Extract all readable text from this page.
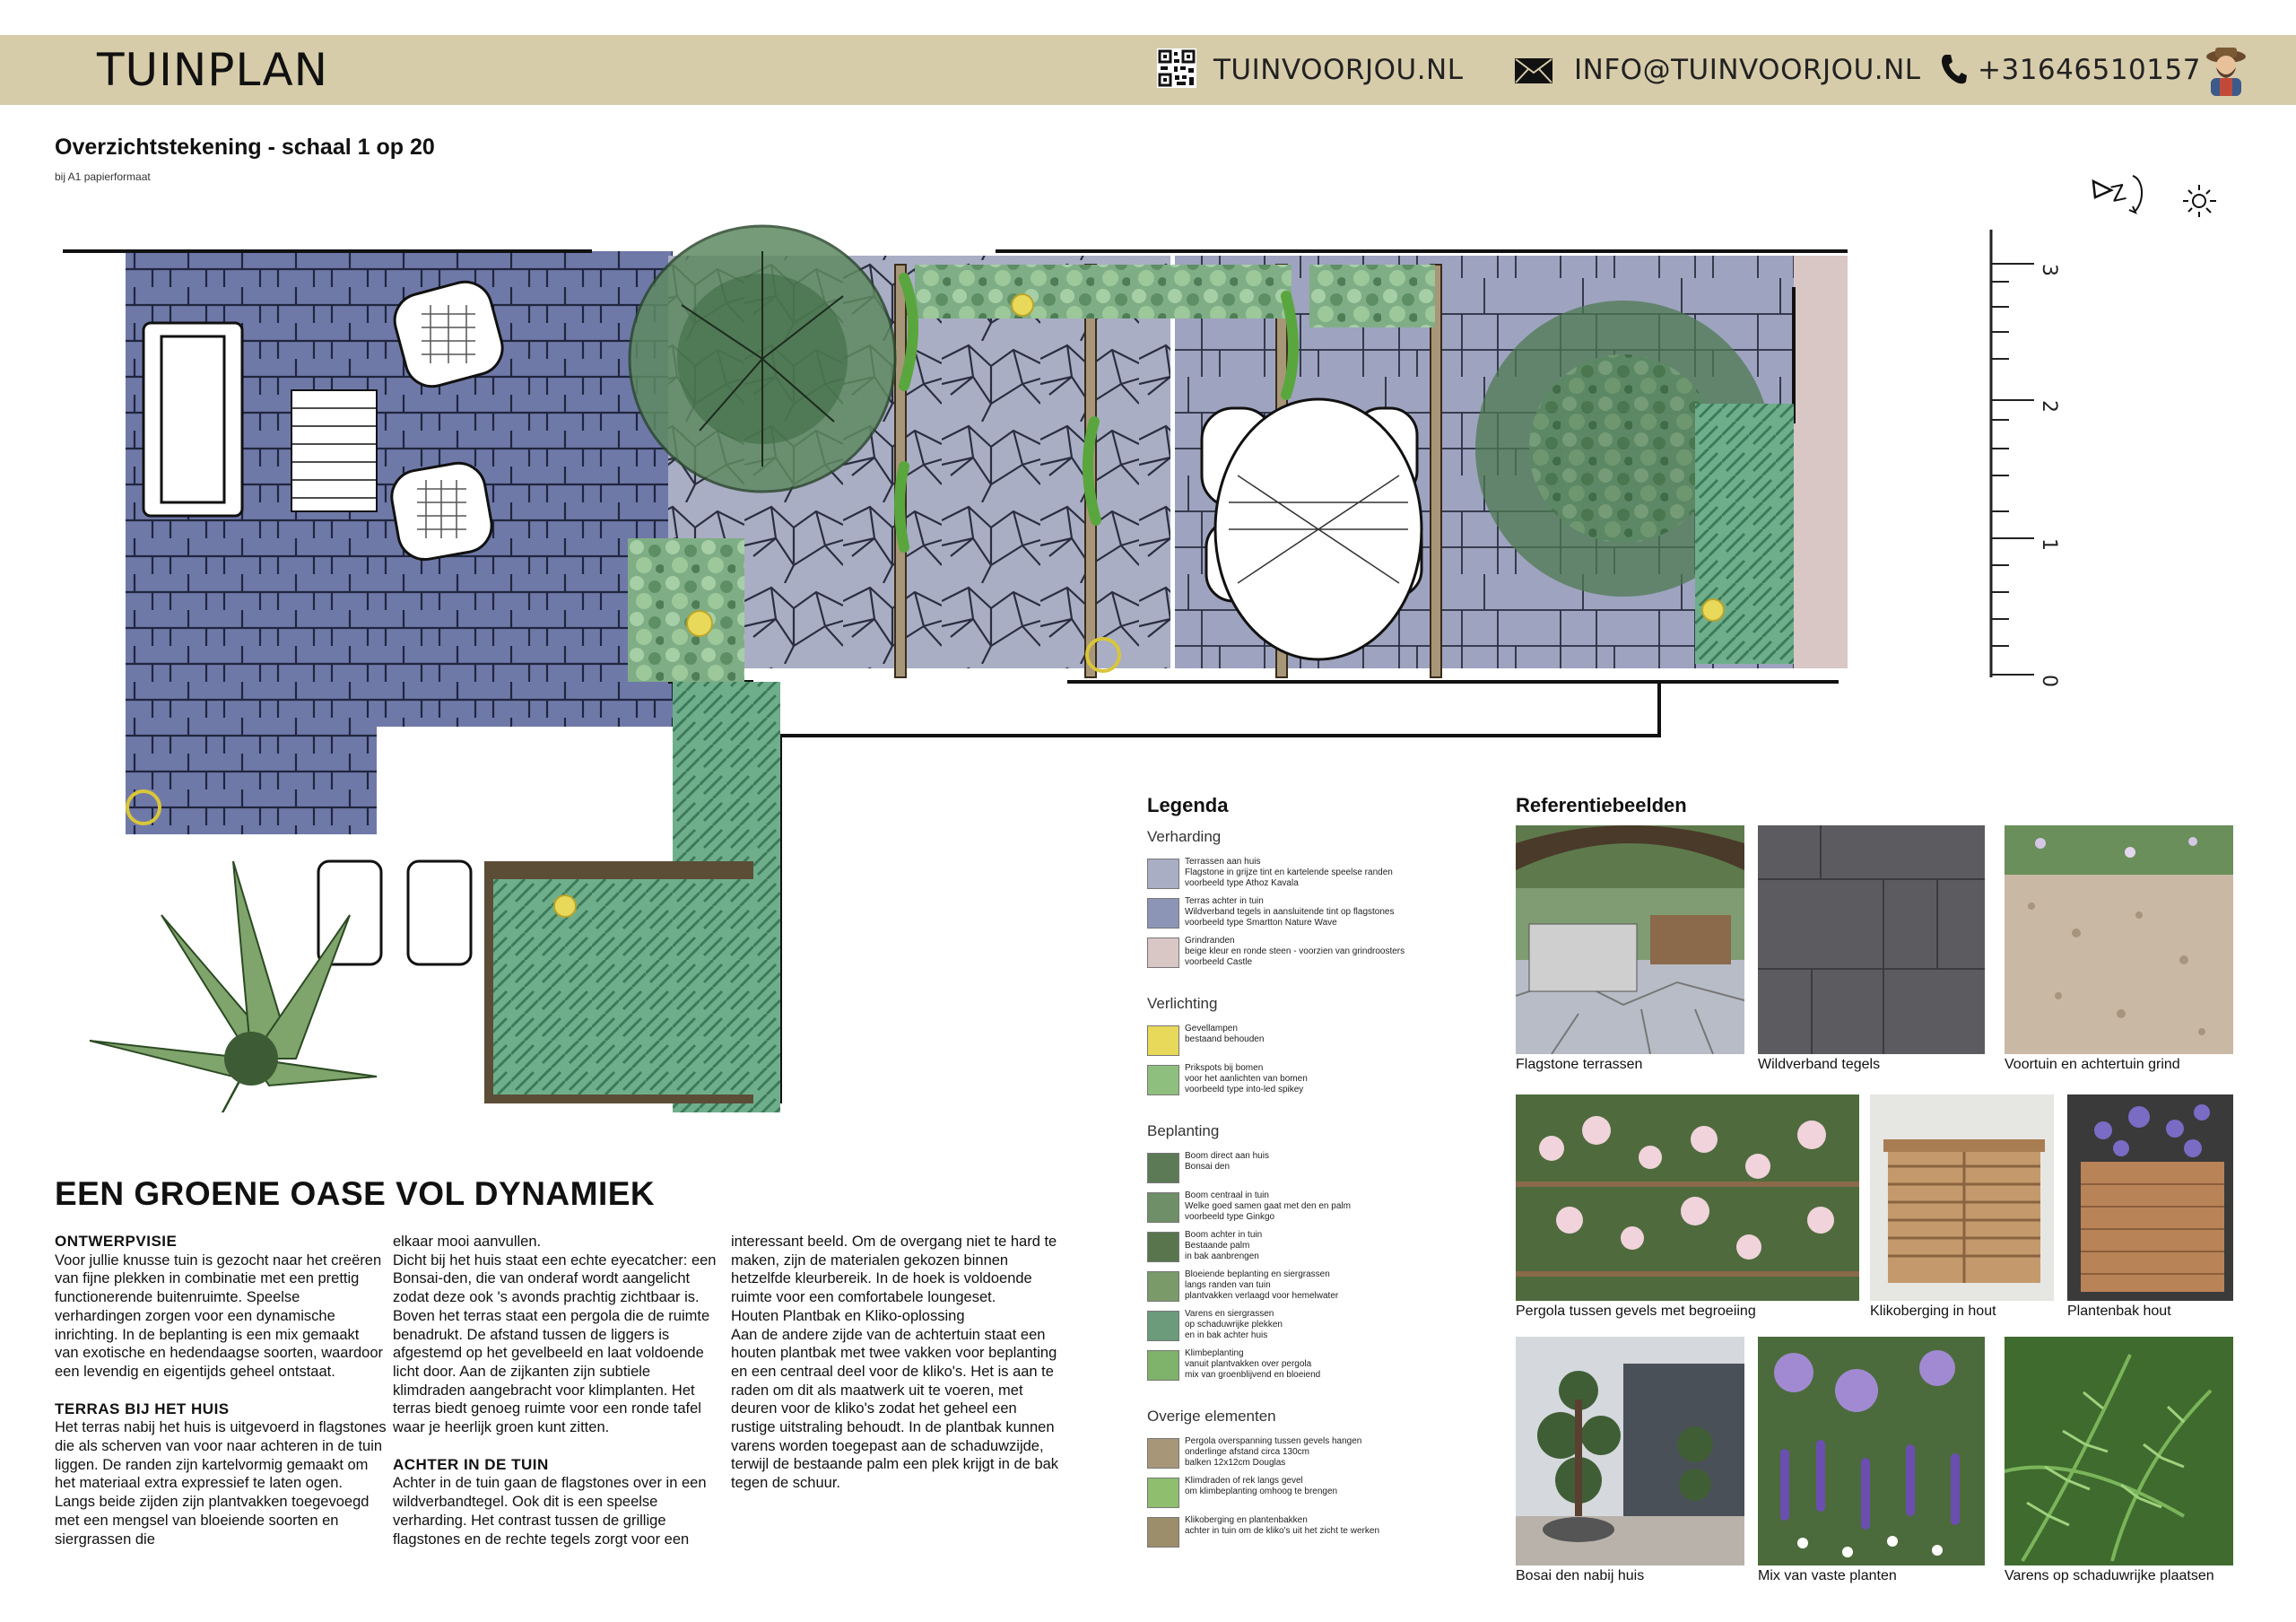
TUINPLAN	TUINVOORJOU.NL	INFO@TUINVOORJOU.NL +31646510157
Overzichtstekening - schaal 1 op 20
bij A1 papierformaat
Z
3
2
1
0
EEN GROENE OASE VOL DYNAMIEK
ONTWERPVISIE

Voor jullie knusse tuin is gezocht naar het creëren van fijne plekken in combinatie met een prettig functionerende buitenruimte. Speelse verhardingen zorgen voor een dynamische inrichting. In de beplanting is een mix gemaakt van exotische en hedendaagse soorten, waardoor een levendig en eigentijds geheel ontstaat.

TERRAS BIJ HET HUIS

Het terras nabij het huis is uitgevoerd in flagstones die als scherven van voor naar achteren in de tuin liggen. De randen zijn kartelvormig gemaakt om het materiaal extra expressief te laten ogen. Langs beide zijden zijn plantvakken toegevoegd met een mengsel van bloeiende soorten en siergrassen die

elkaar mooi aanvullen.
Dicht bij het huis staat een echte eyecatcher: een Bonsai-den, die van onderaf wordt aangelicht zodat deze ook 's avonds prachtig zichtbaar is. Boven het terras staat een pergola die de ruimte benadrukt. De afstand tussen de liggers is afgestemd op het gevelbeeld en laat voldoende licht door. Aan de zijkanten zijn subtiele klimdraden aangebracht voor klimplanten. Het terras biedt genoeg ruimte voor een ronde tafel waar je heerlijk groen kunt zitten.

ACHTER IN DE TUIN

Achter in de tuin gaan de flagstones over in een wildverbandtegel. Ook dit is een speelse verharding. Het contrast tussen de grillige flagstones en de rechte tegels zorgt voor een

interessant beeld. Om de overgang niet te hard te maken, zijn de materialen gekozen binnen hetzelfde kleurbereik. In de hoek is voldoende ruimte voor een comfortabele loungeset.
Houten Plantbak en Kliko-oplossing
Aan de andere zijde van de achtertuin staat een houten plantbak met twee vakken voor beplanting en een centraal deel voor de kliko's. Het is aan te raden om dit als maatwerk uit te voeren, met deuren voor de kliko's zodat het geheel een rustige uitstraling behoudt. In de plantbak kunnen varens worden toegepast aan de schaduwzijde, terwijl de bestaande palm een plek krijgt in de bak tegen de schuur.

Legenda
Verharding
Terrassen aan huis
Flagstone in grijze tint en kartelende speelse randen
voorbeeld type Athoz Kavala
Terras achter in tuin
Wildverband tegels in aansluitende tint op flagstones
voorbeeld type Smartton Nature Wave
Grindranden
beige kleur en ronde steen - voorzien van grindroosters
voorbeeld Castle
Verlichting
Gevellampen
bestaand behouden
Prikspots bij bomen
voor het aanlichten van bomen
voorbeeld type into-led spikey
Beplanting
Boom direct aan huis
Bonsai den
Boom centraal in tuin
Welke goed samen gaat met den en palm
voorbeeld type Ginkgo
Boom achter in tuin
Bestaande palm
in bak aanbrengen
Bloeiende beplanting en siergrassen
langs randen van tuin
plantvakken verlaagd voor hemelwater
Varens en siergrassen
op schaduwrijke plekken
en in bak achter huis
Klimbeplanting
vanuit plantvakken over pergola
mix van groenblijvend en bloeiend
Overige elementen
Pergola overspanning tussen gevels hangen
onderlinge afstand circa 130cm
balken 12x12cm Douglas
Klimdraden of rek langs gevel
om klimbeplanting omhoog te brengen
Klikoberging en plantenbakken
achter in tuin om de kliko's uit het zicht te werken
Referentiebeelden
Flagstone terrassen	Wildverband tegels	Voortuin en achtertuin grind
Pergola tussen gevels met begroeiing	Klikoberging in hout	Plantenbak hout
Bosai den nabij huis	Mix van vaste planten	Varens op schaduwrijke plaatsen
